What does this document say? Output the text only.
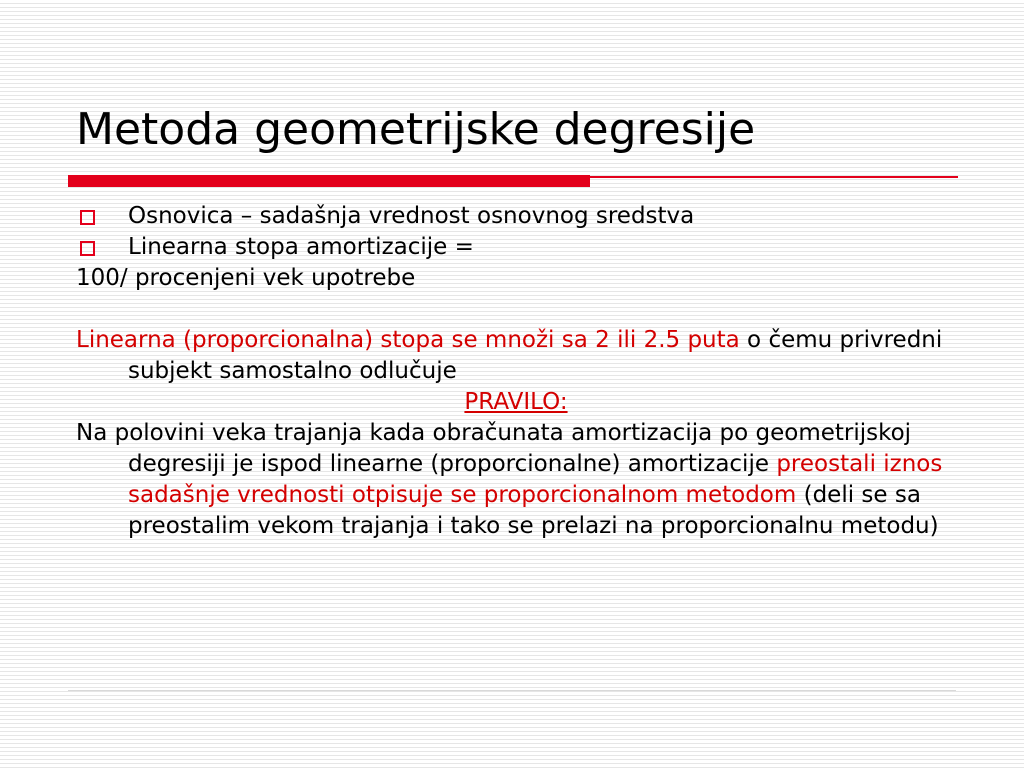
Metoda geometrijske degresije
Osnovica – sadašnja vrednost osnovnog sredstva
Linearna stopa amortizacije =
100/ procenjeni vek upotrebe
Linearna (proporcionalna) stopa se množi sa 2 ili 2.5 puta o čemu privredni subjekt samostalno odlučuje
PRAVILO:
Na polovini veka trajanja kada obračunata amortizacija po geometrijskoj degresiji je ispod linearne (proporcionalne) amortizacije preostali iznos sadašnje vrednosti otpisuje se proporcionalnom metodom (deli se sa preostalim vekom trajanja i tako se prelazi na proporcionalnu metodu)
